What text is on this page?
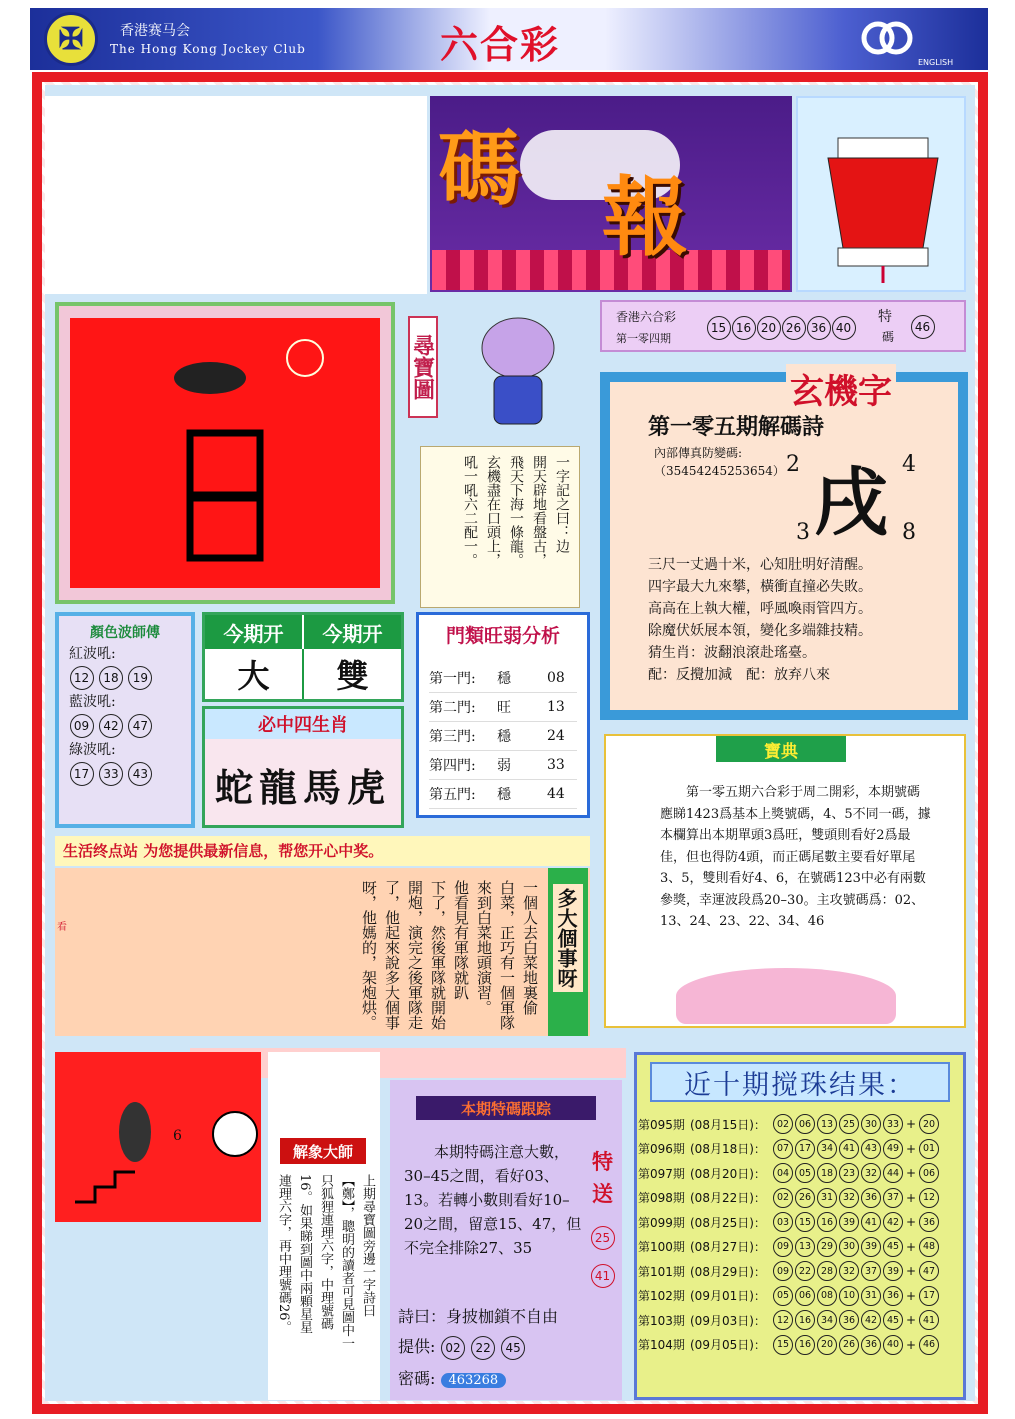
✠	香港赛马会
The Hong Kong Jockey Club	六合彩	ENGLISH
碼 報
尋寶圖
一字記之曰：边
開天辟地看盤古，
飛天下海一條龍。
玄機盡在口頭上，
吼一吼六二配一。
香港六合彩
第一零四期
15 16 20 26 36 40
特
碼
46
玄機字
第一零五期解碼詩
內部傳真防變碼:
（35454245253654） 2	4
3	8
戌
三尺一丈過十米，心知肚明好清醒。
四字最大九來攀，橫衝直撞必失敗。
高高在上執大權，呼風喚雨管四方。
除魔伏妖展本領，變化多端雜技精。
猜生肖：波翻浪滾赴瑤臺。
配：反攪加減　配：放弃八來
顏色波師傅
紅波吼:
12 18 19
藍波吼:
09 42 47
綠波吼:
17 33 43
今期开	今期开
大	雙
必中四生肖
蛇龍馬虎
門類旺弱分析
第一門:	穩	08
第二門:	旺	13
第三門:	穩	24
第四門:	弱	33
第五門:	穩	44
生活终点站 为您提供最新信息，帮您开心中奖。
看	一個人去白菜地裏偷
白菜，正巧有一個軍隊
來到白菜地頭演習。
他看見有軍隊就趴
下了，然後軍隊就開始
開炮，演完之後軍隊走
了，他起來說多大個事
呀，他媽的，架炮烘。	多大個事呀
寶典
第一零五期六合彩于周二開彩，本期號碼應睇1423爲基本上獎號碼，4、5不同一碼，據本欄算出本期單頭3爲旺，雙頭則看好2爲最佳，但也得防4頭，而正碼尾數主要看好單尾3、5，雙則看好4、6，在號碼123中必有兩數參獎，幸運波段爲20–30。主攻號碼爲：02、13、24、23、22、34、46
6
解象大師
上期尋寶圖旁邊一字詩曰
【鄭】，聰明的讀者可見圖中一
只狐狸連理六字，中理號碼
16。如果睇到圖中兩顆星星
連理六字，再中理號碼26。
本期特碼跟踪
本期特碼注意大數，30–45之間，看好03、13。若轉小數則看好10–20之間，留意15、47，但不完全排除27、35
特
送
25
41
詩曰：身披枷鎖不自由
提供: 02 22 45
密碼: 463268
近十期搅珠结果：
第095期 (08月15日)：	02	06	13	25	30	33 + 20
第096期 (08月18日)：	07	17	34	41	43	49 + 01
第097期 (08月20日)：	04	05	18	23	32	44 + 06
第098期 (08月22日)：	02	26	31	32	36	37 + 12
第099期 (08月25日)：	03	15	16	39	41	42 + 36
第100期 (08月27日)：	09	13	29	30	39	45 + 48
第101期 (08月29日)：	09	22	28	32	37	39 + 47
第102期 (09月01日)：	05	06	08	10	31	36 + 17
第103期 (09月03日)：	12	16	34	36	42	45 + 41
第104期 (09月05日)：	15	16	20	26	36	40 + 46
